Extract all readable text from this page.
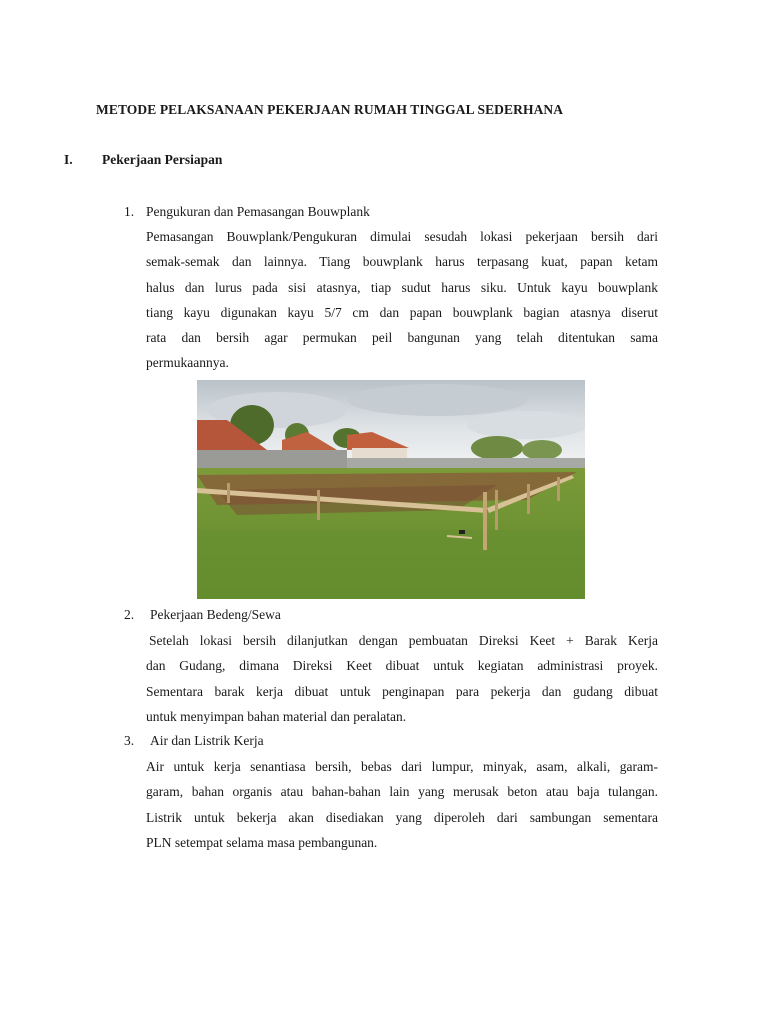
METODE PELAKSANAAN PEKERJAAN RUMAH TINGGAL SEDERHANA
I. Pekerjaan Persiapan
1. Pengukuran dan Pemasangan Bouwplank
Pemasangan Bouwplank/Pengukuran dimulai sesudah lokasi pekerjaan bersih dari
semak-semak dan lainnya. Tiang bouwplank harus terpasang kuat, papan ketam
halus dan lurus pada sisi atasnya, tiap sudut harus siku. Untuk kayu bouwplank
tiang kayu digunakan kayu 5/7 cm dan papan bouwplank bagian atasnya diserut
rata dan bersih agar permukan peil bangunan yang telah ditentukan sama
permukaannya.
2. Pekerjaan Bedeng/Sewa
Setelah lokasi bersih dilanjutkan dengan pembuatan Direksi Keet + Barak Kerja
dan Gudang, dimana Direksi Keet dibuat untuk kegiatan administrasi proyek.
Sementara barak kerja dibuat untuk penginapan para pekerja dan gudang dibuat
untuk menyimpan bahan material dan peralatan.
3. Air dan Listrik Kerja
Air untuk kerja senantiasa bersih, bebas dari lumpur, minyak, asam, alkali, garam-
garam, bahan organis atau bahan-bahan lain yang merusak beton atau baja tulangan.
Listrik untuk bekerja akan disediakan yang diperoleh dari sambungan sementara
PLN setempat selama masa pembangunan.
